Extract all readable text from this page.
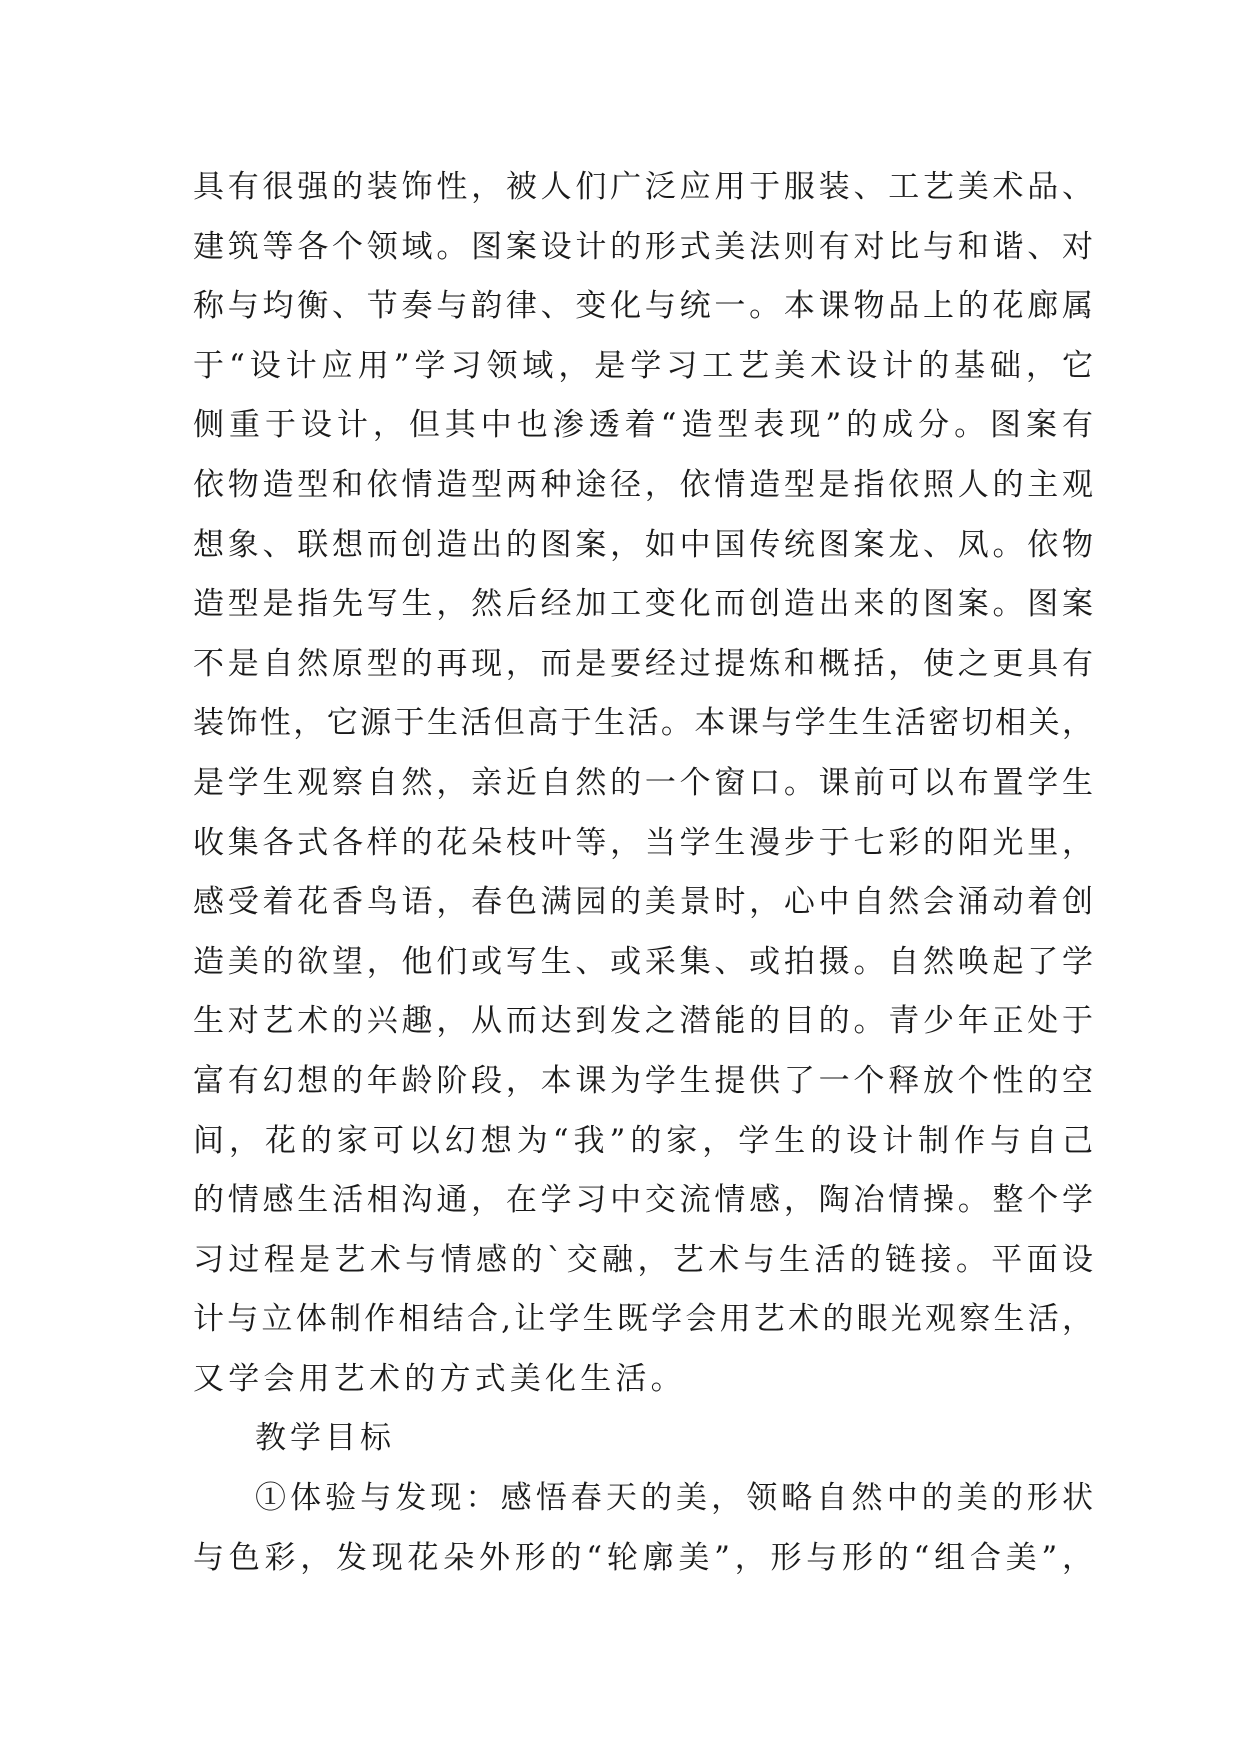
具有很强的装饰性，被人们广泛应用于服装、工艺美术品、
建筑等各个领域。图案设计的形式美法则有对比与和谐、对
称与均衡、节奏与韵律、变化与统一。本课物品上的花廊属
于“设计应用”学习领域，是学习工艺美术设计的基础，它
侧重于设计，但其中也渗透着“造型表现”的成分。图案有
依物造型和依情造型两种途径，依情造型是指依照人的主观
想象、联想而创造出的图案，如中国传统图案龙、凤。依物
造型是指先写生，然后经加工变化而创造出来的图案。图案
不是自然原型的再现，而是要经过提炼和概括，使之更具有
装饰性，它源于生活但高于生活。本课与学生生活密切相关，
是学生观察自然，亲近自然的一个窗口。课前可以布置学生
收集各式各样的花朵枝叶等，当学生漫步于七彩的阳光里，
感受着花香鸟语，春色满园的美景时，心中自然会涌动着创
造美的欲望，他们或写生、或采集、或拍摄。自然唤起了学
生对艺术的兴趣，从而达到发之潜能的目的。青少年正处于
富有幻想的年龄阶段，本课为学生提供了一个释放个性的空
间，花的家可以幻想为“我”的家，学生的设计制作与自己
的情感生活相沟通，在学习中交流情感，陶冶情操。整个学
习过程是艺术与情感的`交融，艺术与生活的链接。平面设
计与立体制作相结合,让学生既学会用艺术的眼光观察生活，
又学会用艺术的方式美化生活。
教学目标
①体验与发现：感悟春天的美，领略自然中的美的形状
与色彩，发现花朵外形的“轮廓美”，形与形的“组合美”，
